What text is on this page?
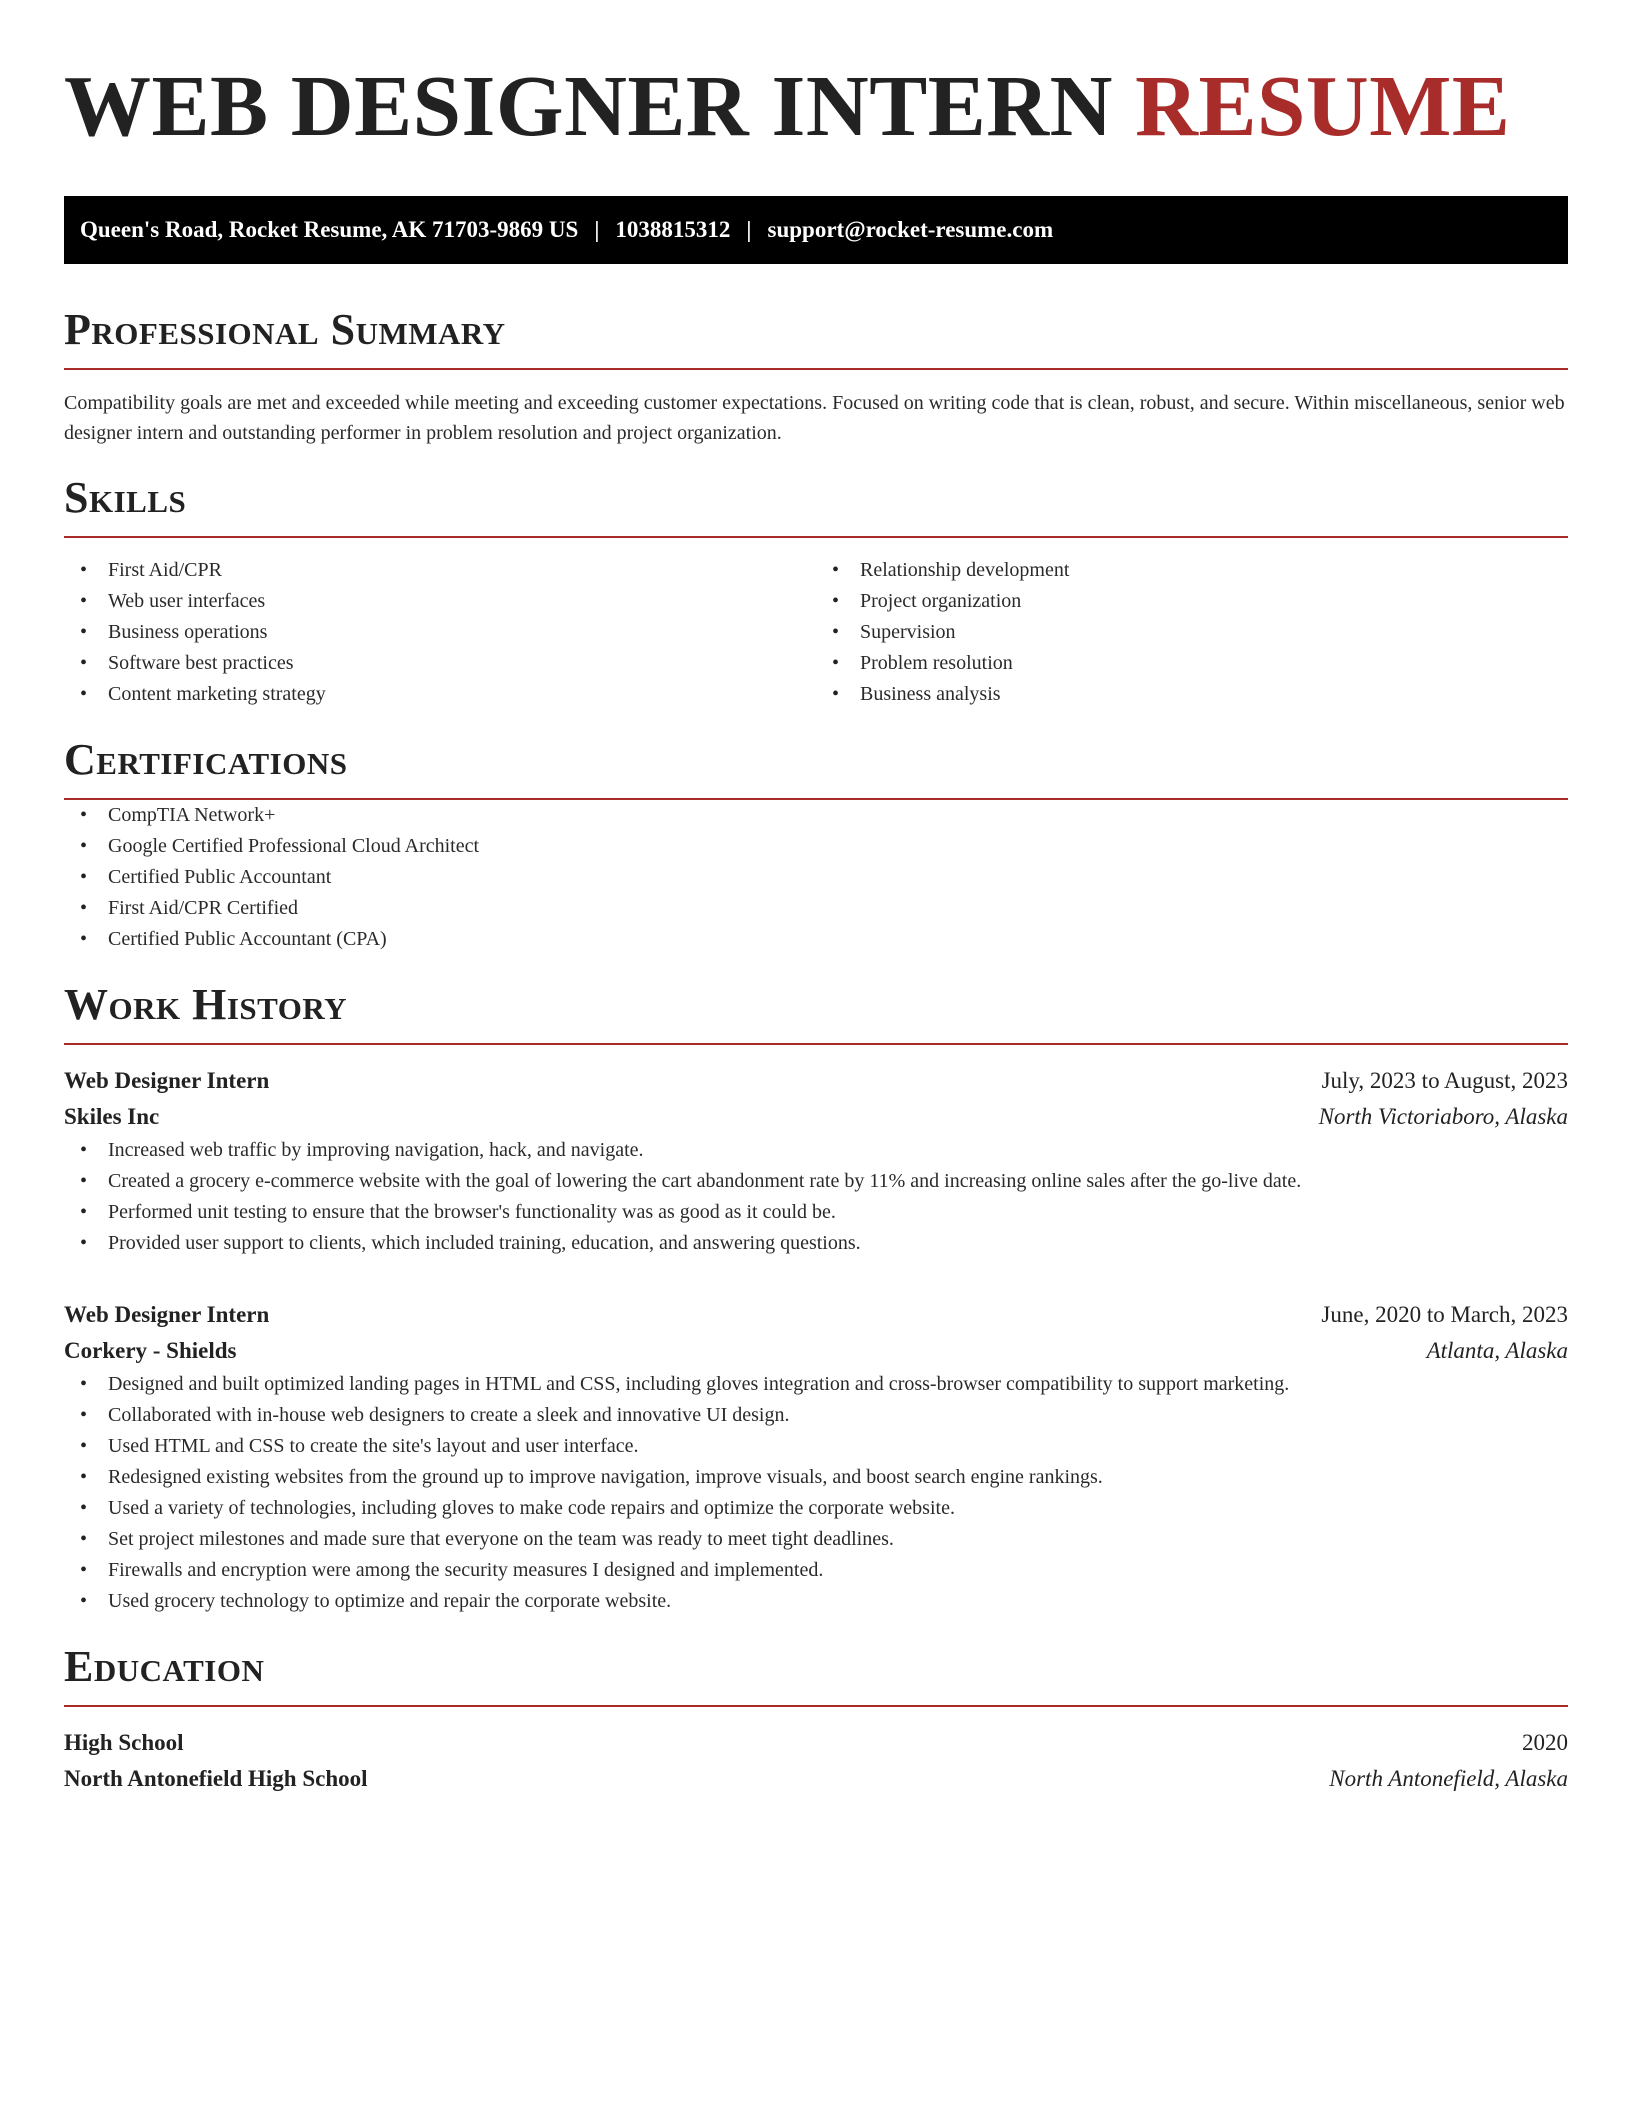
WEB DESIGNER INTERN RESUME
Queen's Road, Rocket Resume, AK 71703-9869 US | 1038815312 | support@rocket-resume.com
Professional Summary

Compatibility goals are met and exceeded while meeting and exceeding customer expectations. Focused on writing code that is clean, robust, and secure. Within miscellaneous, senior web designer intern and outstanding performer in problem resolution and project organization.

Skills
• First Aid/CPR
• Web user interfaces
• Business operations
• Software best practices
• Content marketing strategy
• Relationship development
• Project organization
• Supervision
• Problem resolution
• Business analysis
Certifications
• CompTIA Network+
• Google Certified Professional Cloud Architect
• Certified Public Accountant
• First Aid/CPR Certified
• Certified Public Accountant (CPA)
Work History
Web Designer Intern	July, 2023 to August, 2023
Skiles Inc	North Victoriaboro, Alaska
• Increased web traffic by improving navigation, hack, and navigate.
• Created a grocery e-commerce website with the goal of lowering the cart abandonment rate by 11% and increasing online sales after the go-live date.
• Performed unit testing to ensure that the browser's functionality was as good as it could be.
• Provided user support to clients, which included training, education, and answering questions.
Web Designer Intern	June, 2020 to March, 2023
Corkery - Shields	Atlanta, Alaska
• Designed and built optimized landing pages in HTML and CSS, including gloves integration and cross-browser compatibility to support marketing.
• Collaborated with in-house web designers to create a sleek and innovative UI design.
• Used HTML and CSS to create the site's layout and user interface.
• Redesigned existing websites from the ground up to improve navigation, improve visuals, and boost search engine rankings.
• Used a variety of technologies, including gloves to make code repairs and optimize the corporate website.
• Set project milestones and made sure that everyone on the team was ready to meet tight deadlines.
• Firewalls and encryption were among the security measures I designed and implemented.
• Used grocery technology to optimize and repair the corporate website.
Education
High School	2020
North Antonefield High School	North Antonefield, Alaska
